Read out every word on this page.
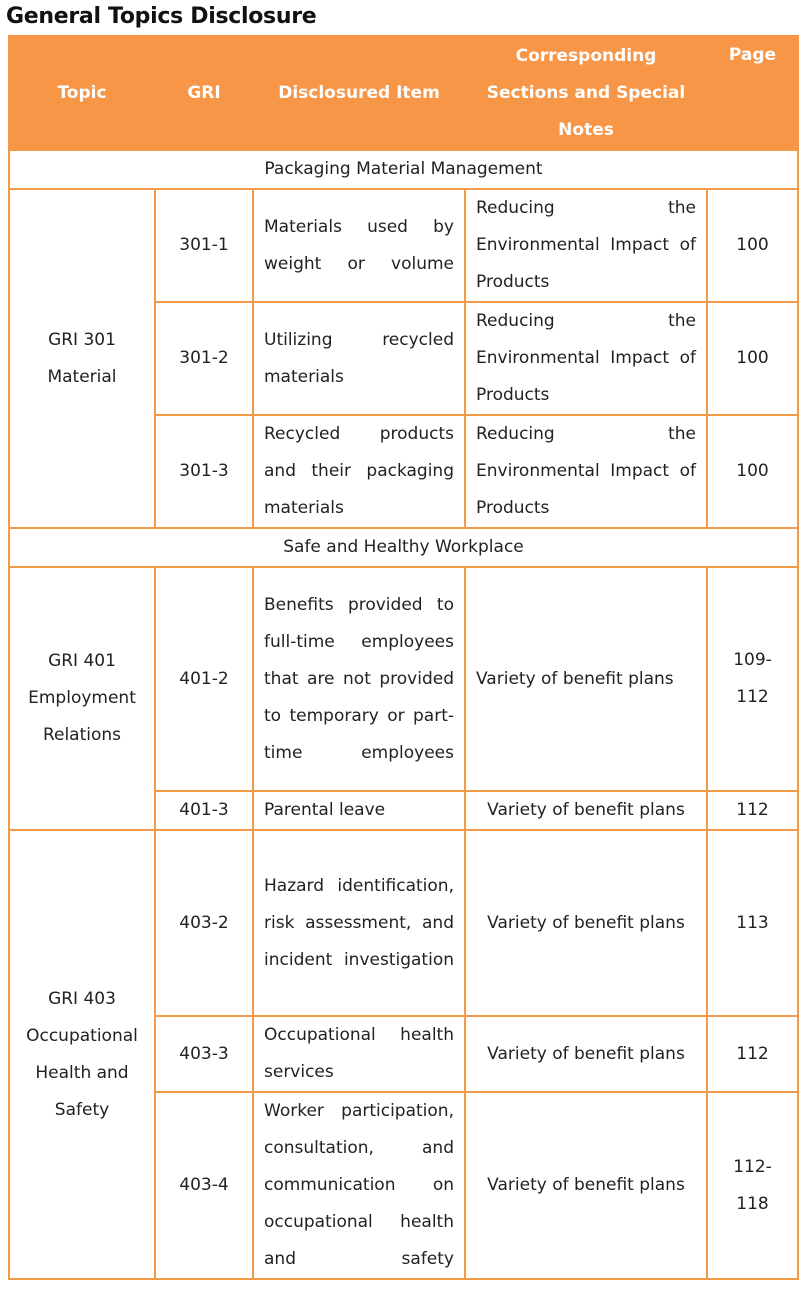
General Topics Disclosure
Topic	GRI	Disclosured Item	Corresponding Sections and Special Notes	Page
Packaging Material Management				
GRI 301 Material	301-1	Materials used by weight or volume	Reducing the Environmental Impact of Products	100
	301-2	Utilizing recycled materials	Reducing the Environmental Impact of Products	100
	301-3	Recycled products and their packaging materials	Reducing the Environmental Impact of Products	100
Safe and Healthy Workplace				
GRI 401 Employment Relations	401-2	Benefits provided to full-time employees that are not provided to temporary or part-time employees	Variety of benefit plans	109-112
	401-3	Parental leave	Variety of benefit plans	112
GRI 403 Occupational Health and Safety	403-2	Hazard identification, risk assessment, and incident investigation	Variety of benefit plans	113
	403-3	Occupational health services	Variety of benefit plans	112
	403-4	Worker participation, consultation, and communication on occupational health and safety	Variety of benefit plans	112-118
